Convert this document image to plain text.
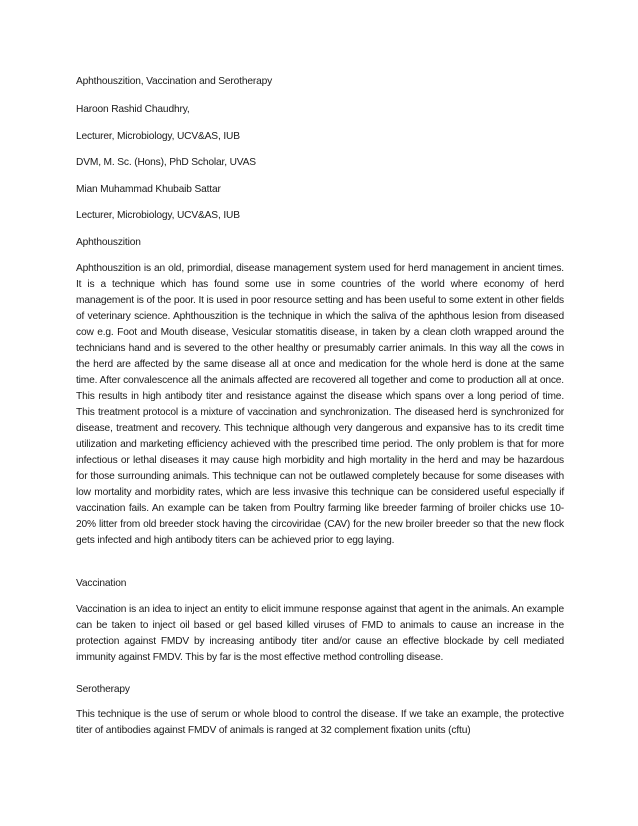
Aphthouszition, Vaccination and Serotherapy
Haroon Rashid Chaudhry,
Lecturer, Microbiology, UCV&AS, IUB
DVM, M. Sc. (Hons), PhD Scholar, UVAS
Mian Muhammad Khubaib Sattar
Lecturer, Microbiology, UCV&AS, IUB
Aphthouszition

Aphthouszition is an old, primordial, disease management system used for herd management in ancient times. It is a technique which has found some use in some countries of the world where economy of herd management is of the poor. It is used in poor resource setting and has been useful to some extent in other fields of veterinary science. Aphthouszition is the technique in which the saliva of the aphthous lesion from diseased cow e.g. Foot and Mouth disease, Vesicular stomatitis disease, in taken by a clean cloth wrapped around the technicians hand and is severed to the other healthy or presumably carrier animals. In this way all the cows in the herd are affected by the same disease all at once and medication for the whole herd is done at the same time. After convalescence all the animals affected are recovered all together and come to production all at once. This results in high antibody titer and resistance against the disease which spans over a long period of time. This treatment protocol is a mixture of vaccination and synchronization. The diseased herd is synchronized for disease, treatment and recovery. This technique although very dangerous and expansive has to its credit time utilization and marketing efficiency achieved with the prescribed time period. The only problem is that for more infectious or lethal diseases it may cause high morbidity and high mortality in the herd and may be hazardous for those surrounding animals. This technique can not be outlawed completely because for some diseases with low mortality and morbidity rates, which are less invasive this technique can be considered useful especially if vaccination fails. An example can be taken from Poultry farming like breeder farming of broiler chicks use 10-20% litter from old breeder stock having the circoviridae (CAV) for the new broiler breeder so that the new flock gets infected and high antibody titers can be achieved prior to egg laying.

Vaccination

Vaccination is an idea to inject an entity to elicit immune response against that agent in the animals. An example can be taken to inject oil based or gel based killed viruses of FMD to animals to cause an increase in the protection against FMDV by increasing antibody titer and/or cause an effective blockade by cell mediated immunity against FMDV. This by far is the most effective method controlling disease.

Serotherapy

This technique is the use of serum or whole blood to control the disease. If we take an example, the protective titer of antibodies against FMDV of animals is ranged at 32 complement fixation units (cftu)
